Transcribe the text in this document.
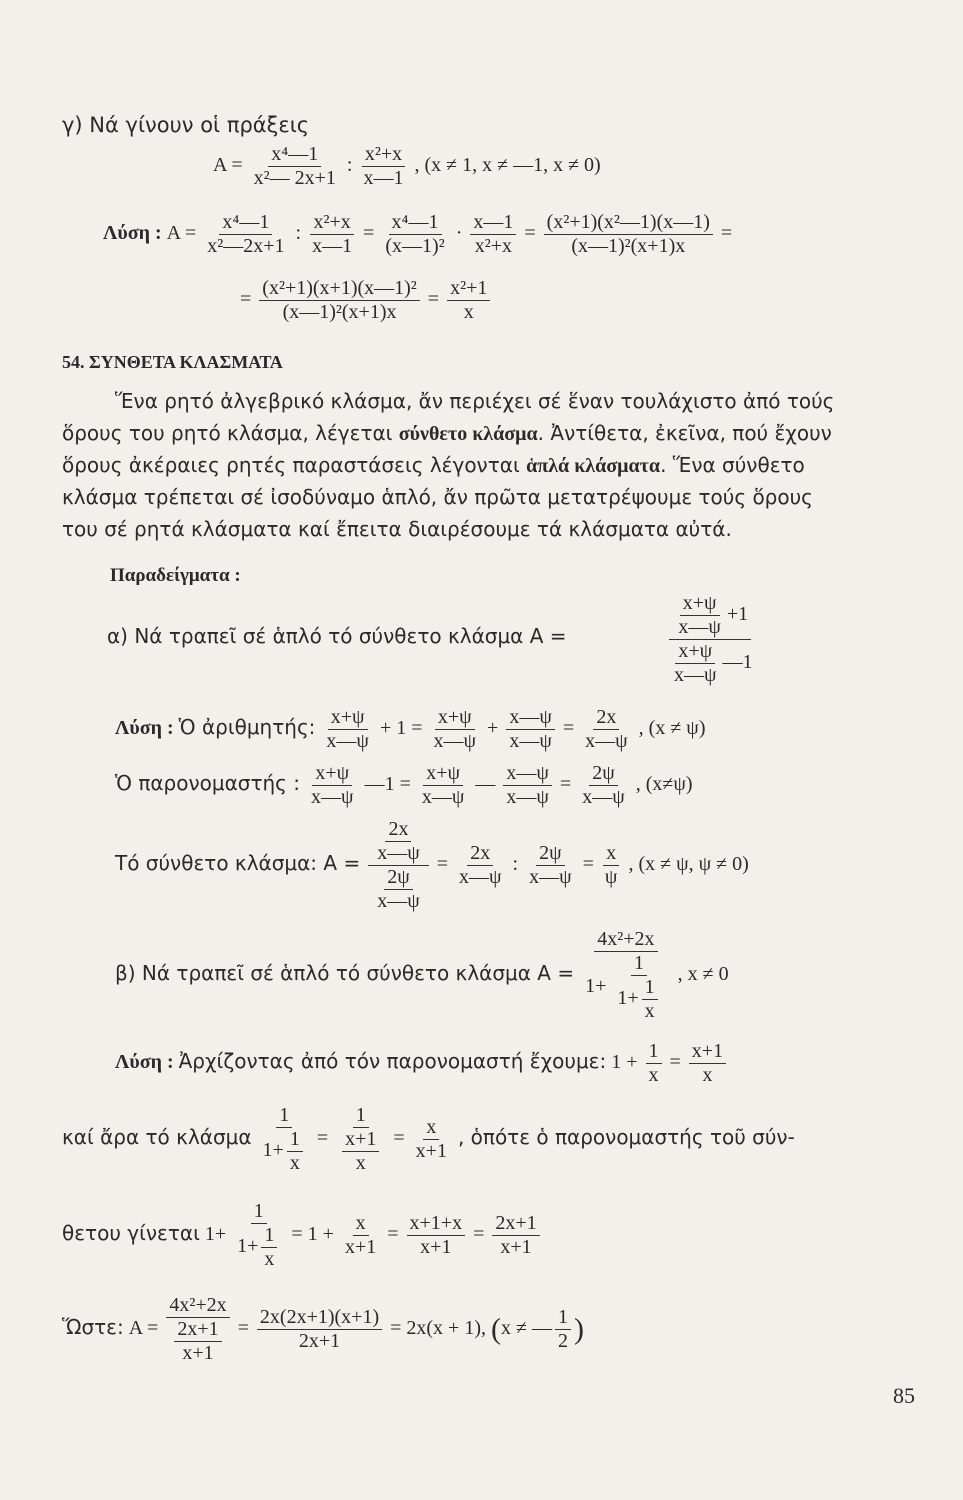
γ) Νά γίνουν οἱ πράξεις
$A = \frac{\text{x⁴—1}}{\text{x²— 2x+1}}$ : $\frac{\text{x²+x}}{x—1}$ , (x ≠ 1, x ≠ —1, x ≠ 0)
Λύση : $A = \frac{\text{x⁴—1}}{\text{x²—2x+1}}$ : $\frac{\text{x²+x}}{x—1} = \frac{\text{x⁴—1}}{\text{(x—1)²}} \cdot \frac{x—1}{\text{x²+x}} = \frac{\text{(x²+1)(x²—1)(x—1)}}{\text{(x—1)²(x+1)x}}$ =
= $\frac{\text{(x²+1)(x+1)(x—1)²}}{\text{(x—1)²(x+1)x}} = \frac{\text{x²+1}}{x}$
54. ΣΥΝΘΕΤΑ ΚΛΑΣΜΑΤΑ
Ἕνα ρητό ἀλγεβρικό κλάσμα, ἄν περιέχει σέ ἕναν τουλάχιστο ἀπό τούς
ὅρους του ρητό κλάσμα, λέγεται σύνθετο κλάσμα. Ἀντίθετα, ἐκεῖνα, πού ἔχουν
ὅρους ἀκέραιες ρητές παραστάσεις λέγονται ἁπλά κλάσματα. Ἕνα σύνθετο
κλάσμα τρέπεται σέ ἰσοδύναμο ἁπλό, ἄν πρῶτα μετατρέψουμε τούς ὅρους
του σέ ρητά κλάσματα καί ἔπειτα διαιρέσουμε τά κλάσματα αὐτά.
Παραδείγματα :
α) Νά τραπεῖ σέ ἁπλό τό σύνθετο κλάσμα A =	$\frac{\frac{x+\psi}{x—\psi} +1}{\frac{x+\psi}{x—\psi} —1}$
Λύση : Ὁ ἀριθμητής: $\frac{x+\psi}{x—\psi} + 1 = \frac{x+\psi}{x—\psi} + \frac{x—\psi}{x—\psi} = \frac{2x}{x—\psi}$ , (x ≠ ψ)
Ὁ παρονομαστής : $\frac{x+\psi}{x—\psi}$ —1 = $\frac{x+\psi}{x—\psi}$ — $\frac{x—\psi}{x—\psi} = \frac{2\psi}{x—\psi}$ , (x≠ψ)
Τό σύνθετο κλάσμα: $A = \frac{\frac{2x}{x—\psi}}{\frac{2\psi}{x—\psi}} = \frac{2x}{x—\psi}$ : $\frac{2\psi}{x—\psi} = \frac{x}{\psi}$ , (x ≠ ψ, ψ ≠ 0)
β) Νά τραπεῖ σέ ἁπλό τό σύνθετο κλάσμα $A = \frac{\text{4x²+2x}}{1+ \frac{1}{1+ \frac{1}{x}}}$ , x ≠ 0
Λύση : Ἀρχίζοντας ἀπό τόν παρονομαστή ἔχουμε: $1 + \frac{1}{x} = \frac{x+1}{x}$
καί ἄρα τό κλάσμα $\frac{1}{1+ \frac{1}{x}} = \frac{1}{\frac{x+1}{x}} = \frac{x}{x+1}$ , ὁπότε ὁ παρονομαστής τοῦ σύν-
θετου γίνεται $1+ \frac{1}{1+ \frac{1}{x}} = 1 + \frac{x}{x+1} = \frac{x+1+x}{x+1} = \frac{2x+1}{x+1}$
Ὥστε: $A = \frac{\text{4x²+2x}}{\frac{2x+1}{x+1}} = \frac{2x(2x+1)(x+1)}{2x+1} = 2x(x + 1)$, (x ≠ — $\frac{1}{2}$ )
85
